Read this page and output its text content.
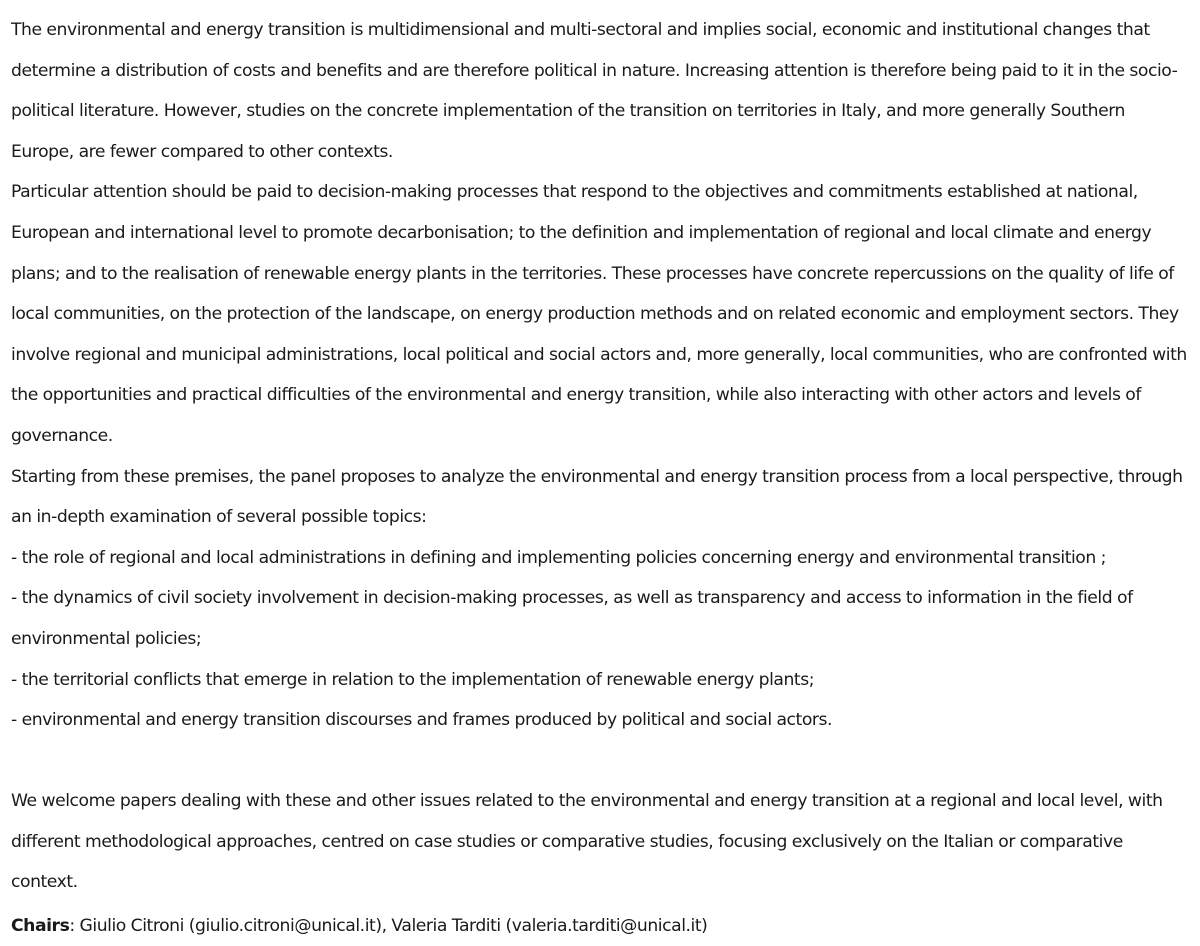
The environmental and energy transition is multidimensional and multi-sectoral and implies social, economic and institutional changes that determine a distribution of costs and benefits and are therefore political in nature. Increasing attention is therefore being paid to it in the socio-political literature. However, studies on the concrete implementation of the transition on territories in Italy, and more generally Southern Europe, are fewer compared to other contexts.

Particular attention should be paid to decision-making processes that respond to the objectives and commitments established at national, European and international level to promote decarbonisation; to the definition and implementation of regional and local climate and energy plans; and to the realisation of renewable energy plants in the territories. These processes have concrete repercussions on the quality of life of local communities, on the protection of the landscape, on energy production methods and on related economic and employment sectors. They involve regional and municipal administrations, local political and social actors and, more generally, local communities, who are confronted with the opportunities and practical difficulties of the environmental and energy transition, while also interacting with other actors and levels of governance.

Starting from these premises, the panel proposes to analyze the environmental and energy transition process from a local perspective, through an in-depth examination of several possible topics:

- the role of regional and local administrations in defining and implementing policies concerning energy and environmental transition ;

- the dynamics of civil society involvement in decision-making processes, as well as transparency and access to information in the field of environmental policies;

- the territorial conflicts that emerge in relation to the implementation of renewable energy plants;

- environmental and energy transition discourses and frames produced by political and social actors.

We welcome papers dealing with these and other issues related to the environmental and energy transition at a regional and local level, with different methodological approaches, centred on case studies or comparative studies, focusing exclusively on the Italian or comparative context.

Chairs: Giulio Citroni (giulio.citroni@unical.it), Valeria Tarditi (valeria.tarditi@unical.it)
